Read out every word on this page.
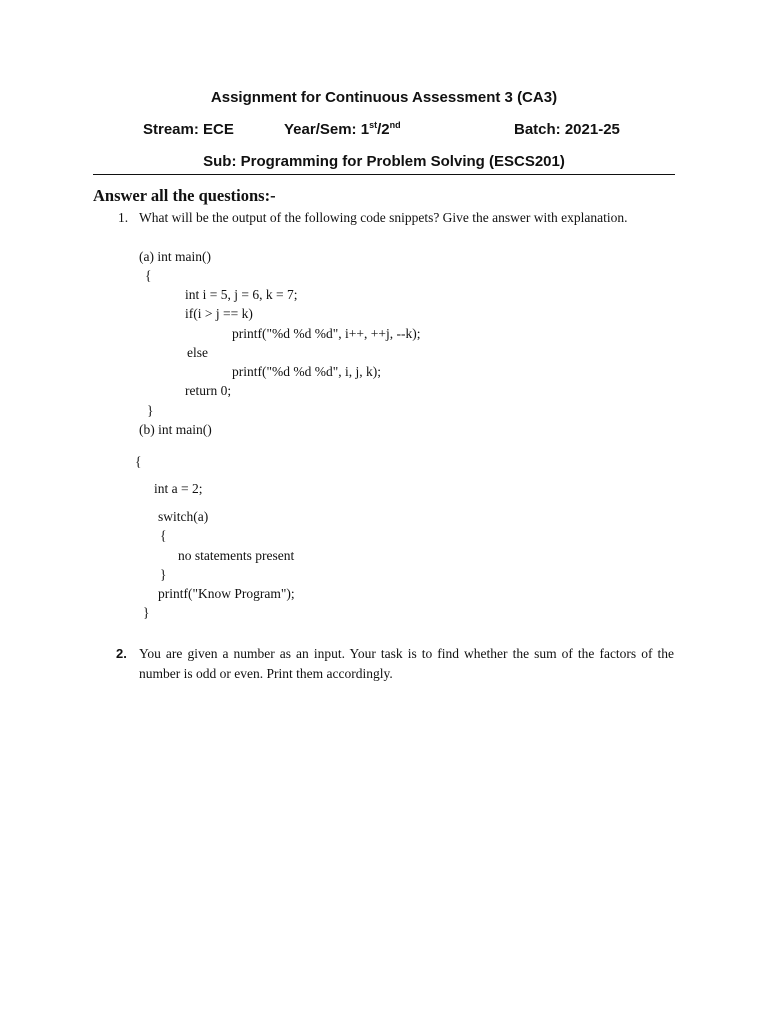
Assignment for Continuous Assessment 3 (CA3)
Stream: ECE	Year/Sem: 1st/2nd	Batch: 2021-25
Sub: Programming for Problem Solving (ESCS201)
Answer all the questions:-
1. What will be the output of the following code snippets? Give the answer with explanation.
(a) int main()
{
int i = 5, j = 6, k = 7;
if(i > j == k)
printf("%d %d %d", i++, ++j, --k);
else
printf("%d %d %d", i, j, k);
return 0;
}
(b) int main()
{
int a = 2;
switch(a)
{
no statements present
}
printf("Know Program");
}
2. You are given a number as an input. Your task is to find whether the sum of the factors of the number is odd or even. Print them accordingly.
